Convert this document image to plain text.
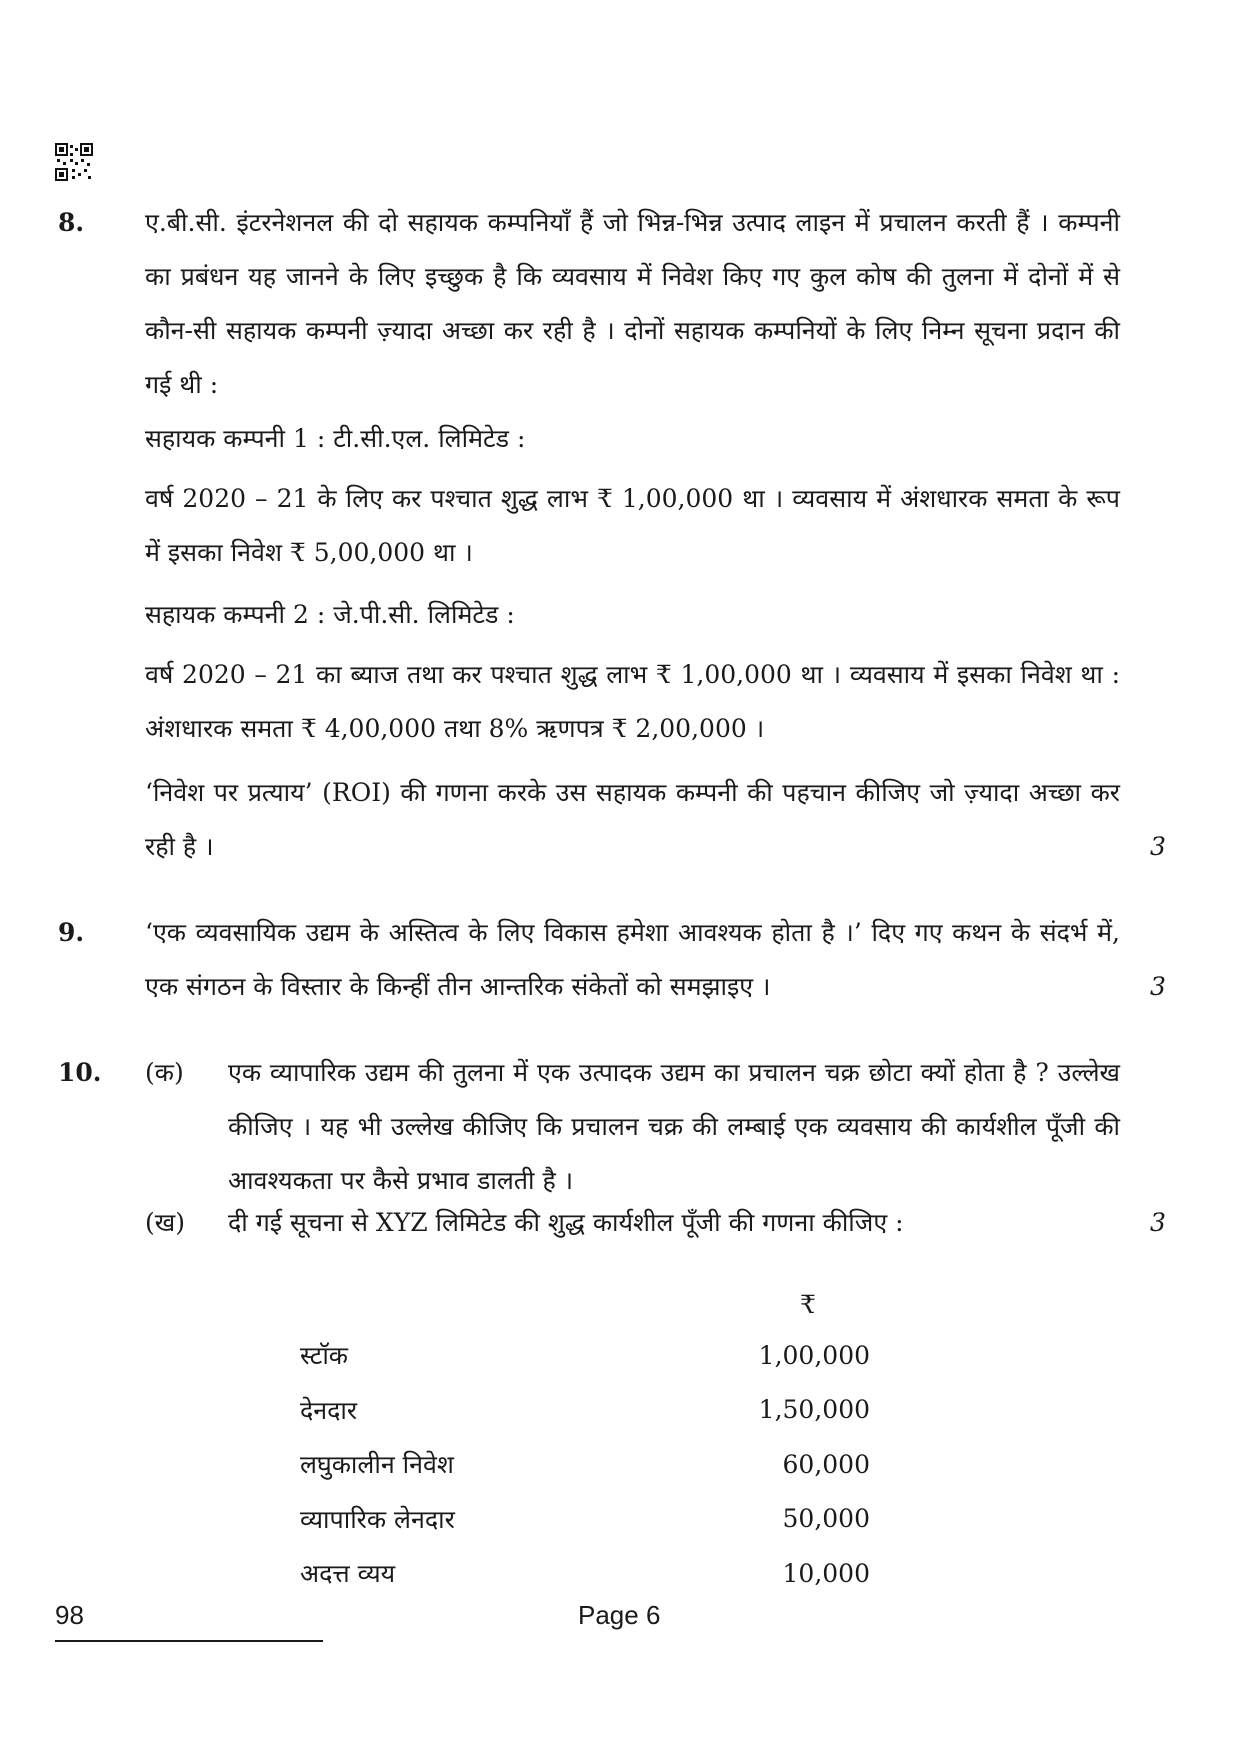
8. ए.बी.सी. इंटरनेशनल की दो सहायक कम्पनियाँ हैं जो भिन्न-भिन्न उत्पाद लाइन में प्रचालन करती हैं । कम्पनी का प्रबंधन यह जानने के लिए इच्छुक है कि व्यवसाय में निवेश किए गए कुल कोष की तुलना में दोनों में से कौन-सी सहायक कम्पनी ज़्यादा अच्छा कर रही है । दोनों सहायक कम्पनियों के लिए निम्न सूचना प्रदान की गई थी :
सहायक कम्पनी 1 : टी.सी.एल. लिमिटेड :
वर्ष 2020 – 21 के लिए कर पश्चात शुद्ध लाभ ₹ 1,00,000 था । व्यवसाय में अंशधारक समता के रूप में इसका निवेश ₹ 5,00,000 था ।
सहायक कम्पनी 2 : जे.पी.सी. लिमिटेड :
वर्ष 2020 – 21 का ब्याज तथा कर पश्चात शुद्ध लाभ ₹ 1,00,000 था । व्यवसाय में इसका निवेश था : अंशधारक समता ₹ 4,00,000 तथा 8% ऋणपत्र ₹ 2,00,000 ।
‘निवेश पर प्रत्याय’ (ROI) की गणना करके उस सहायक कम्पनी की पहचान कीजिए जो ज़्यादा अच्छा कर रही है ।	3
9. ‘एक व्यवसायिक उद्यम के अस्तित्व के लिए विकास हमेशा आवश्यक होता है ।’ दिए गए कथन के संदर्भ में, एक संगठन के विस्तार के किन्हीं तीन आन्तरिक संकेतों को समझाइए ।	3
10. (क) एक व्यापारिक उद्यम की तुलना में एक उत्पादक उद्यम का प्रचालन चक्र छोटा क्यों होता है ? उल्लेख कीजिए । यह भी उल्लेख कीजिए कि प्रचालन चक्र की लम्बाई एक व्यवसाय की कार्यशील पूँजी की आवश्यकता पर कैसे प्रभाव डालती है ।
(ख) दी गई सूचना से XYZ लिमिटेड की शुद्ध कार्यशील पूँजी की गणना कीजिए :	3
₹
स्टॉक	1,00,000
देनदार	1,50,000
लघुकालीन निवेश	60,000
व्यापारिक लेनदार	50,000
अदत्त व्यय	10,000
98	Page 6
